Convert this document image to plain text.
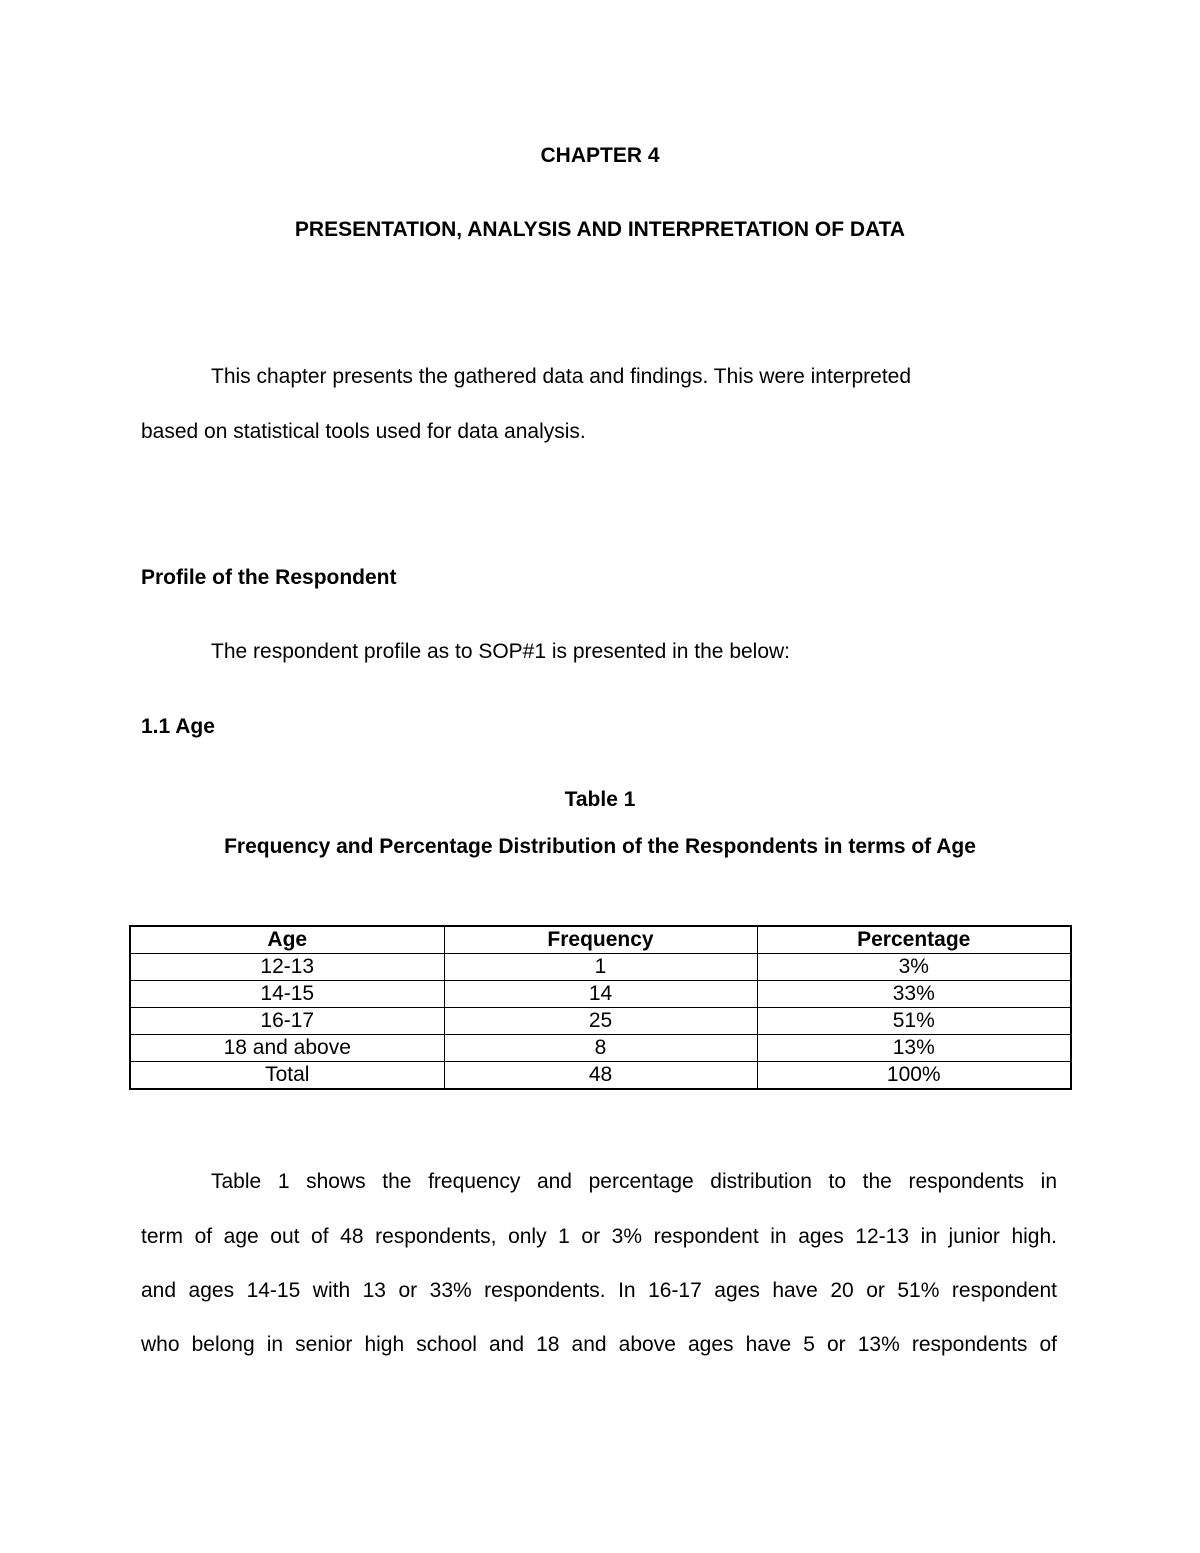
CHAPTER 4
PRESENTATION, ANALYSIS AND INTERPRETATION OF DATA
This chapter presents the gathered data and findings. This were interpreted
based on statistical tools used for data analysis.
Profile of the Respondent
The respondent profile as to SOP#1 is presented in the below:
1.1 Age
Table 1
Frequency and Percentage Distribution of the Respondents in terms of Age
Age	Frequency	Percentage
12-13	1	3%
14-15	14	33%
16-17	25	51%
18 and above	8	13%
Total	48	100%
Table 1 shows the frequency and percentage distribution to the respondents in
term of age out of 48 respondents, only 1 or 3% respondent in ages 12-13 in junior high.
and ages 14-15 with 13 or 33% respondents. In 16-17 ages have 20 or 51% respondent
who belong in senior high school and 18 and above ages have 5 or 13% respondents of
